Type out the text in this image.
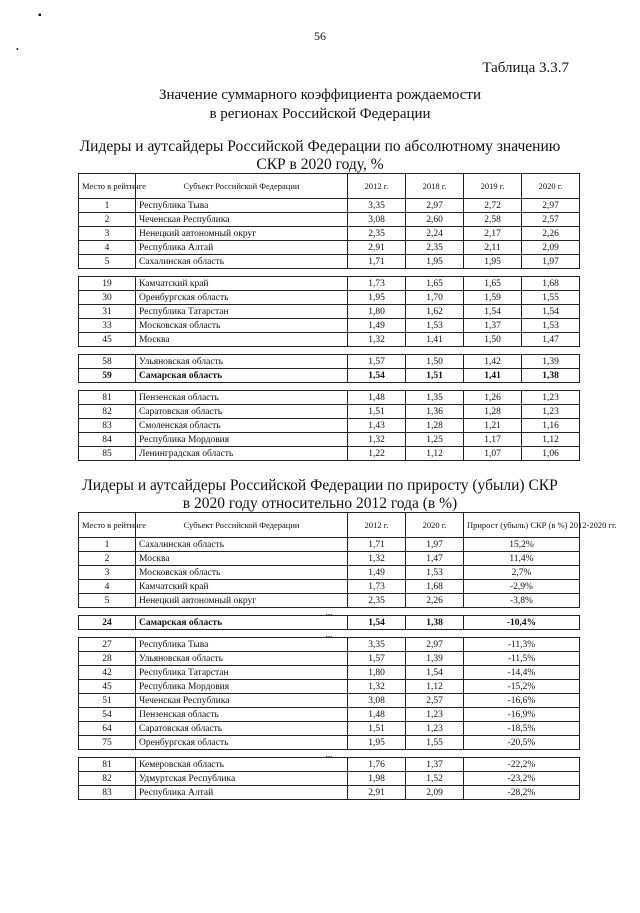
▪
•
56
Таблица 3.3.7
Значение суммарного коэффициента рождаемости
в регионах Российской Федерации
Лидеры и аутсайдеры Российской Федерации по абсолютному значению
СКР в 2020 году, %
Место в рейтинге	Субъект Российской Федерации	2012 г.	2018 г.	2019 г.	2020 г.
1	Республика Тыва	3,35	2,97	2,72	2,97
2	Чеченская Республика	3,08	2,60	2,58	2,57
3	Ненецкий автономный округ	2,35	2,24	2,17	2,26
4	Республика Алтай	2,91	2,35	2,11	2,09
5	Сахалинская область	1,71	1,95	1,95	1,97

19	Камчатский край	1,73	1,65	1,65	1,68
30	Оренбургская область	1,95	1,70	1,59	1,55
31	Республика Татарстан	1,80	1,62	1,54	1,54
33	Московская область	1,49	1,53	1,37	1,53
45	Москва	1,32	1,41	1,50	1,47

58	Ульяновская область	1,57	1,50	1,42	1,39
59	Самарская область	1,54	1,51	1,41	1,38

81	Пензенская область	1,48	1,35	1,26	1,23
82	Саратовская область	1,51	1,36	1,28	1,23
83	Смоленская область	1,43	1,28	1,21	1,16
84	Республика Мордовия	1,32	1,25	1,17	1,12
85	Ленинградская область	1,22	1,12	1,07	1,06
Лидеры и аутсайдеры Российской Федерации по приросту (убыли) СКР
в 2020 году относительно 2012 года (в %)
Место в рейтинге	Субъект Российской Федерации	2012 г.	2020 г.	Прирост (убыль) СКР (в %) 2012-2020 гг.
1	Сахалинская область	1,71	1,97	15,2%
2	Москва	1,32	1,47	11,4%
3	Московская область	1,49	1,53	2,7%
4	Камчатский край	1,73	1,68	-2,9%
5	Ненецкий автономный округ	2,35	2,26	-3,8%
...				
24	Самарская область	1,54	1,38	-10,4%
...				
27	Республика Тыва	3,35	2,97	-11,3%
28	Ульяновская область	1,57	1,39	-11,5%
42	Республика Татарстан	1,80	1,54	-14,4%
45	Республика Мордовия	1,32	1,12	-15,2%
51	Чеченская Республика	3,08	2,57	-16,6%
54	Пензенская область	1,48	1,23	-16,9%
64	Саратовская область	1,51	1,23	-18,5%
75	Оренбургская область	1,95	1,55	-20,5%
...				
81	Кемеровская область	1,76	1,37	-22,2%
82	Удмуртская Республика	1,98	1,52	-23,2%
83	Республика Алтай	2,91	2,09	-28,2%
